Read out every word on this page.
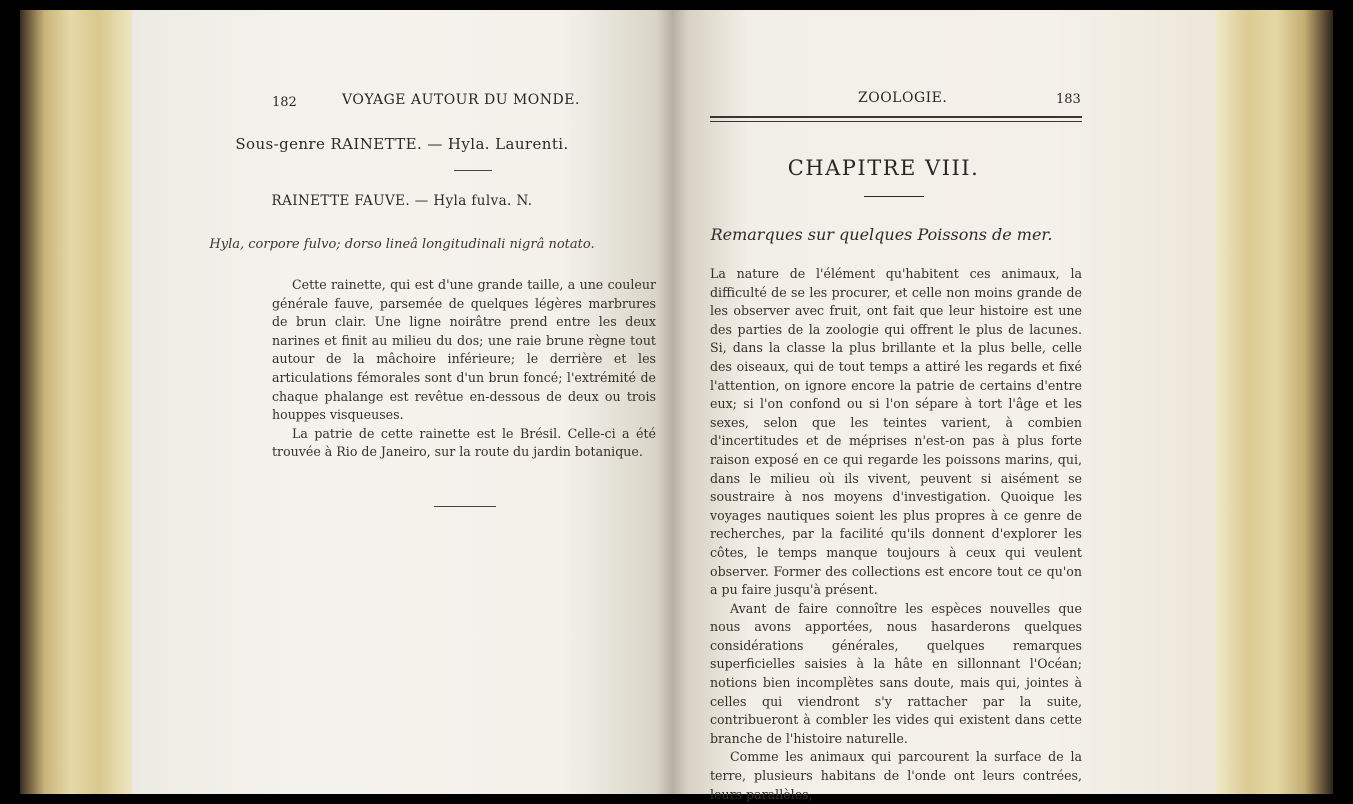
182	VOYAGE AUTOUR DU MONDE.
Sous-genre RAINETTE. — Hyla. Laurenti.
RAINETTE FAUVE. — Hyla fulva. N.
Hyla, corpore fulvo; dorso lineâ longitudinali nigrâ notato.

Cette rainette, qui est d'une grande taille, a une couleur générale fauve, parsemée de quelques légères marbrures de brun clair. Une ligne noirâtre prend entre les deux narines et finit au milieu du dos; une raie brune règne tout autour de la mâchoire inférieure; le derrière et les articulations fémorales sont d'un brun foncé; l'extrémité de chaque phalange est revêtue en-dessous de deux ou trois houppes visqueuses.

La patrie de cette rainette est le Brésil. Celle-ci a été trouvée à Rio de Janeiro, sur la route du jardin botanique.

ZOOLOGIE.	183
CHAPITRE VIII.
Remarques sur quelques Poissons de mer.

La nature de l'élément qu'habitent ces animaux, la difficulté de se les procurer, et celle non moins grande de les observer avec fruit, ont fait que leur histoire est une des parties de la zoologie qui offrent le plus de lacunes. Si, dans la classe la plus brillante et la plus belle, celle des oiseaux, qui de tout temps a attiré les regards et fixé l'attention, on ignore encore la patrie de certains d'entre eux; si l'on confond ou si l'on sépare à tort l'âge et les sexes, selon que les teintes varient, à combien d'incertitudes et de méprises n'est-on pas à plus forte raison exposé en ce qui regarde les poissons marins, qui, dans le milieu où ils vivent, peuvent si aisément se soustraire à nos moyens d'investigation. Quoique les voyages nautiques soient les plus propres à ce genre de recherches, par la facilité qu'ils donnent d'explorer les côtes, le temps manque toujours à ceux qui veulent observer. Former des collections est encore tout ce qu'on a pu faire jusqu'à présent.

Avant de faire connoître les espèces nouvelles que nous avons apportées, nous hasarderons quelques considérations générales, quelques remarques superficielles saisies à la hâte en sillonnant l'Océan; notions bien incomplètes sans doute, mais qui, jointes à celles qui viendront s'y rattacher par la suite, contribueront à combler les vides qui existent dans cette branche de l'histoire naturelle.

Comme les animaux qui parcourent la surface de la terre, plusieurs habitans de l'onde ont leurs contrées, leurs parallèles,
